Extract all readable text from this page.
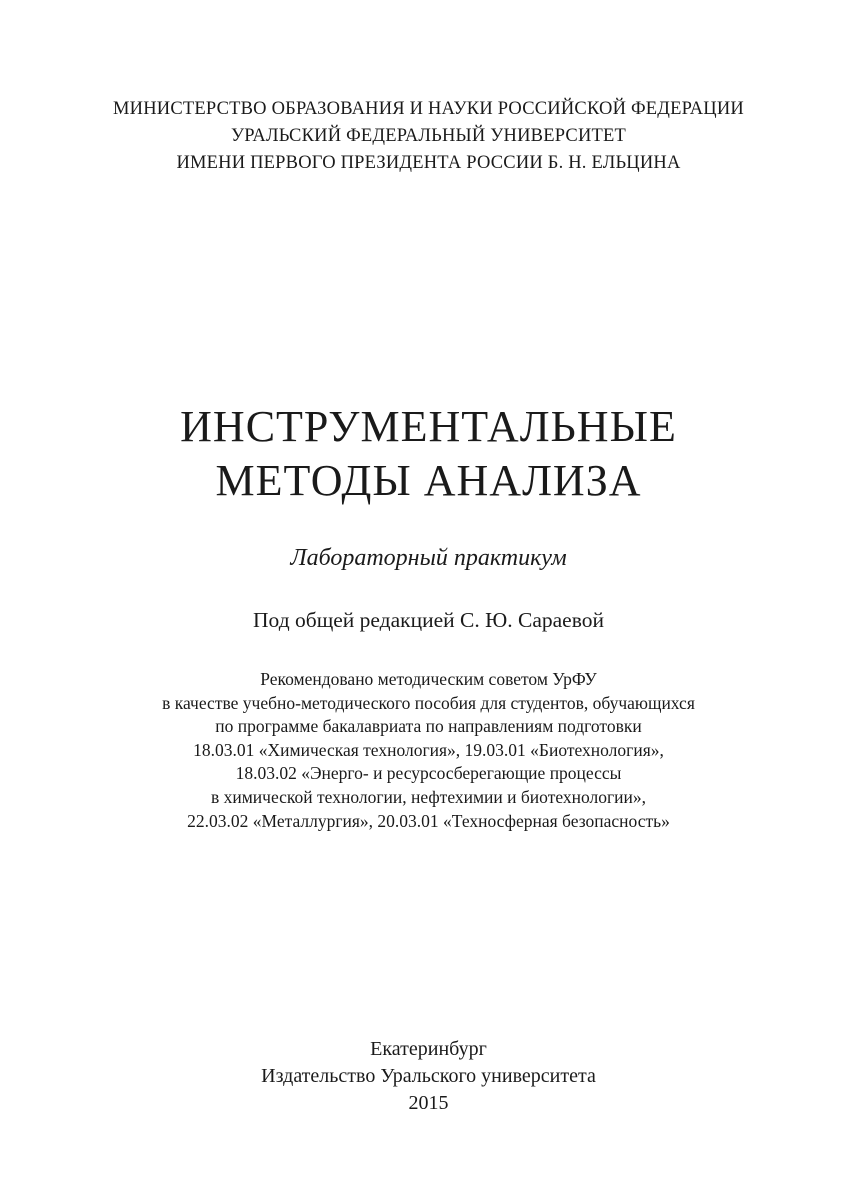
МИНИСТЕРСТВО ОБРАЗОВАНИЯ И НАУКИ РОССИЙСКОЙ ФЕДЕРАЦИИ
УРАЛЬСКИЙ ФЕДЕРАЛЬНЫЙ УНИВЕРСИТЕТ
ИМЕНИ ПЕРВОГО ПРЕЗИДЕНТА РОССИИ Б. Н. ЕЛЬЦИНА
ИНСТРУМЕНТАЛЬНЫЕ
МЕТОДЫ АНАЛИЗА
Лабораторный практикум
Под общей редакцией С. Ю. Сараевой
Рекомендовано методическим советом УрФУ
в качестве учебно-методического пособия для студентов, обучающихся
по программе бакалавриата по направлениям подготовки
18.03.01 «Химическая технология», 19.03.01 «Биотехнология»,
18.03.02 «Энерго- и ресурсосберегающие процессы
в химической технологии, нефтехимии и биотехнологии»,
22.03.02 «Металлургия», 20.03.01 «Техносферная безопасность»
Екатеринбург
Издательство Уральского университета
2015
